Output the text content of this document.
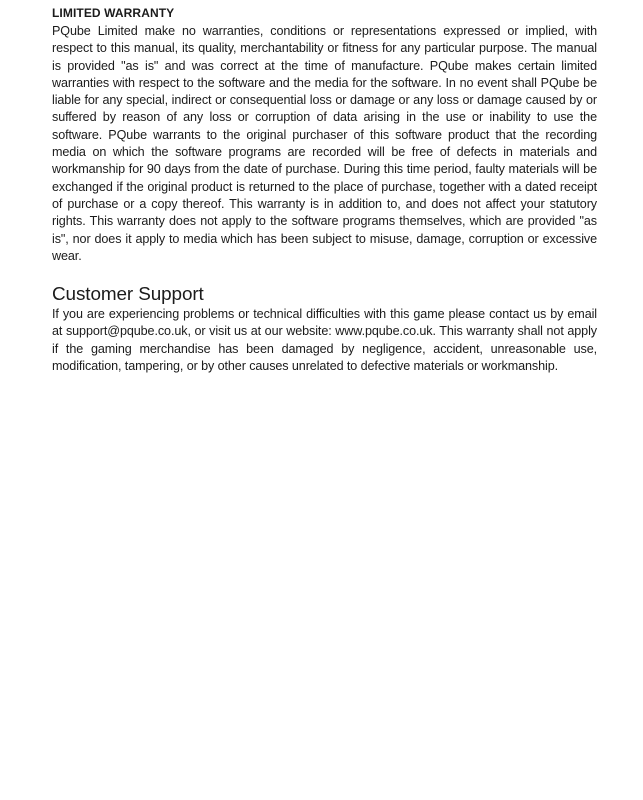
LIMITED WARRANTY

PQube Limited make no warranties, conditions or representations expressed or implied, with respect to this manual, its quality, merchantability or fitness for any particular purpose. The manual is provided "as is" and was correct at the time of manufacture. PQube makes certain limited warranties with respect to the software and the media for the software. In no event shall PQube be liable for any special, indirect or consequential loss or damage or any loss or damage caused by or suffered by reason of any loss or corruption of data arising in the use or inability to use the software. PQube warrants to the original purchaser of this software product that the recording media on which the software programs are recorded will be free of defects in materials and workmanship for 90 days from the date of purchase. During this time period, faulty materials will be exchanged if the original product is returned to the place of purchase, together with a dated receipt of purchase or a copy thereof. This warranty is in addition to, and does not affect your statutory rights. This warranty does not apply to the software programs themselves, which are provided "as is", nor does it apply to media which has been subject to misuse, damage, corruption or excessive wear.

Customer Support

If you are experiencing problems or technical difficulties with this game please contact us by email at support@pqube.co.uk, or visit us at our website: www.pqube.co.uk. This warranty shall not apply if the gaming merchandise has been damaged by negligence, accident, unreasonable use, modification, tampering, or by other causes unrelated to defective materials or workmanship.
